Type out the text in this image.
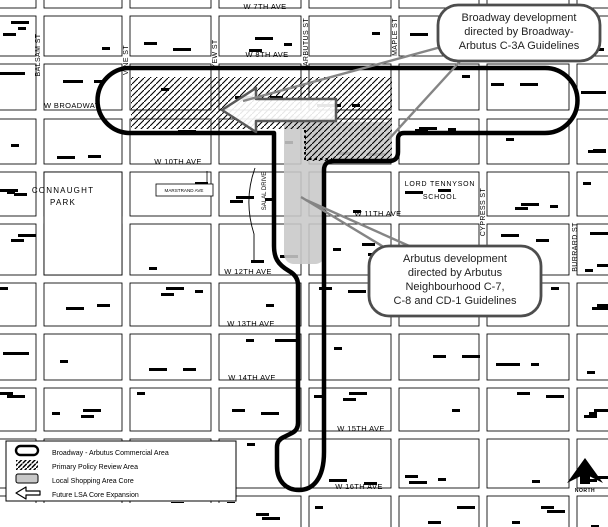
CONNAUGHT
PARK
LORD TENNYSON
SCHOOL
MARSTRAND AVE
W 7TH AVE
W 8TH AVE
W BROADWAY
W 10TH AVE
W 11TH AVE
W 12TH AVE
W 13TH AVE
W 14TH AVE
W 15TH AVE
W 16TH AVE
BALSAM ST	VINE ST	YEW ST	ARBUTUS ST	MAPLE ST
CYPRESS ST
BURRARD ST
SALAL DRIVE
Broadway - Arbutus Commercial Area
Primary Policy Review Area
Local Shopping Area Core
Future LSA Core Expansion
NORTH
Broadway development
directed by Broadway-
Arbutus C-3A Guidelines
Arbutus development
directed by Arbutus
Neighbourhood C-7,
C-8 and CD-1 Guidelines
